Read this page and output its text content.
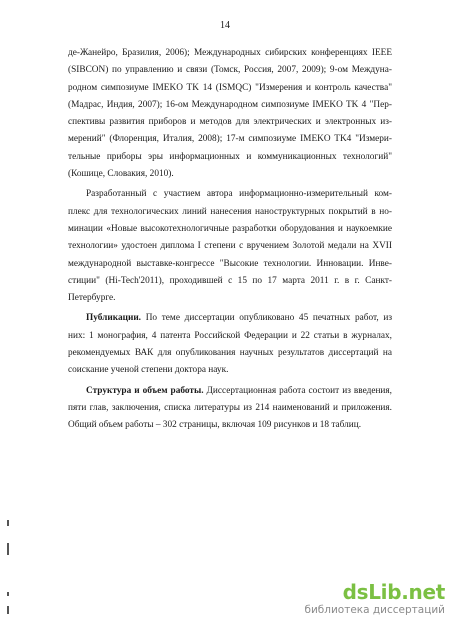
14
де-Жанейро, Бразилия, 2006); Международных сибирских конференциях IEEE
(SIBCON) по управлению и связи (Томск, Россия, 2007, 2009); 9-ом Междуна-
родном симпозиуме IMEKO TK 14 (ISMQC) "Измерения и контроль качества"
(Мадрас, Индия, 2007); 16-ом Международном симпозиуме IMEKO TK 4 "Пер-
спективы развития приборов и методов для электрических и электронных из-
мерений" (Флоренция, Италия, 2008); 17-м симпозиуме IMEKO TK4 "Измери-
тельные приборы эры информационных и коммуникационных технологий"
(Кошице, Словакия, 2010).
Разработанный с участием автора информационно-измерительный ком-
плекс для технологических линий нанесения наноструктурных покрытий в но-
минации «Новые высокотехнологичные разработки оборудования и наукоемкие
технологии» удостоен диплома I степени с вручением Золотой медали на XVII
международной выставке-конгрессе "Высокие технологии. Инновации. Инве-
стиции" (Hi-Tech'2011), проходившей с 15 по 17 марта 2011 г. в г. Санкт-
Петербурге.
Публикации. По теме диссертации опубликовано 45 печатных работ, из
них: 1 монография, 4 патента Российской Федерации и 22 статьи в журналах,
рекомендуемых ВАК для опубликования научных результатов диссертаций на
соискание ученой степени доктора наук.
Структура и объем работы. Диссертационная работа состоит из введения,
пяти глав, заключения, списка литературы из 214 наименований и приложения.
Общий объем работы – 302 страницы, включая 109 рисунков и 18 таблиц.
dsLib.net
библиотека диссертаций
